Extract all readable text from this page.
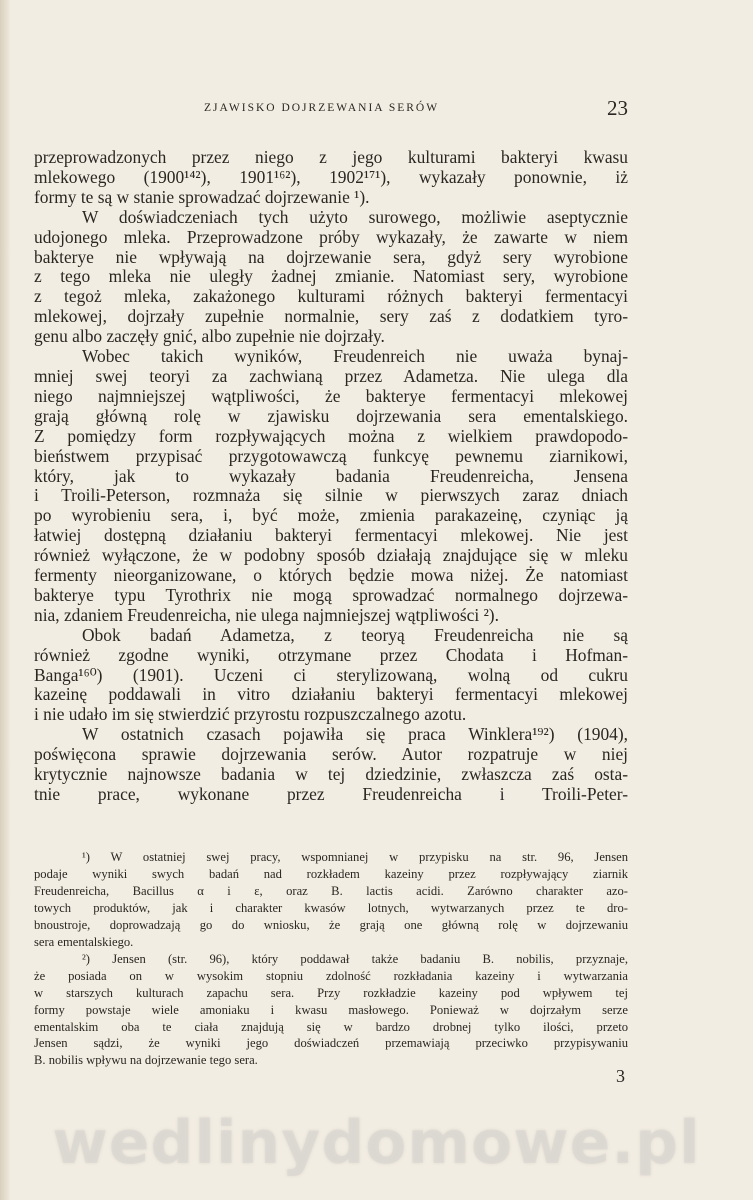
ZJAWISKO DOJRZEWANIA SERÓW	23
przeprowadzonych przez niego z jego kulturami bakteryi kwasu
mlekowego (1900¹⁴²), 1901¹⁶²), 1902¹⁷¹), wykazały ponownie, iż
formy te są w stanie sprowadzać dojrzewanie ¹).
W doświadczeniach tych użyto surowego, możliwie aseptycznie
udojonego mleka. Przeprowadzone próby wykazały, że zawarte w niem
bakterye nie wpływają na dojrzewanie sera, gdyż sery wyrobione
z tego mleka nie uległy żadnej zmianie. Natomiast sery, wyrobione
z tegoż mleka, zakażonego kulturami różnych bakteryi fermentacyi
mlekowej, dojrzały zupełnie normalnie, sery zaś z dodatkiem tyro-
genu albo zaczęły gnić, albo zupełnie nie dojrzały.
Wobec takich wyników, Freudenreich nie uważa bynaj-
mniej swej teoryi za zachwianą przez Adametza. Nie ulega dla
niego najmniejszej wątpliwości, że bakterye fermentacyi mlekowej
grają główną rolę w zjawisku dojrzewania sera ementalskiego.
Z pomiędzy form rozpływających można z wielkiem prawdopodo-
bieństwem przypisać przygotowawczą funkcyę pewnemu ziarnikowi,
który, jak to wykazały badania Freudenreicha, Jensena
i Troili-Peterson, rozmnaża się silnie w pierwszych zaraz dniach
po wyrobieniu sera, i, być może, zmienia parakazeinę, czyniąc ją
łatwiej dostępną działaniu bakteryi fermentacyi mlekowej. Nie jest
również wyłączone, że w podobny sposób działają znajdujące się w mleku
fermenty nieorganizowane, o których będzie mowa niżej. Że natomiast
bakterye typu Tyrothrix nie mogą sprowadzać normalnego dojrzewa-
nia, zdaniem Freudenreicha, nie ulega najmniejszej wątpliwości ²).
Obok badań Adametza, z teoryą Freudenreicha nie są
również zgodne wyniki, otrzymane przez Chodata i Hofman-
Banga¹⁶⁰) (1901). Uczeni ci sterylizowaną, wolną od cukru
kazeinę poddawali in vitro działaniu bakteryi fermentacyi mlekowej
i nie udało im się stwierdzić przyrostu rozpuszczalnego azotu.
W ostatnich czasach pojawiła się praca Winklera¹⁹²) (1904),
poświęcona sprawie dojrzewania serów. Autor rozpatruje w niej
krytycznie najnowsze badania w tej dziedzinie, zwłaszcza zaś osta-
tnie prace, wykonane przez Freudenreicha i Troili-Peter-
¹) W ostatniej swej pracy, wspomnianej w przypisku na str. 96, Jensen
podaje wyniki swych badań nad rozkładem kazeiny przez rozpływający ziarnik
Freudenreicha, Bacillus α i ε, oraz B. lactis acidi. Zarówno charakter azo-
towych produktów, jak i charakter kwasów lotnych, wytwarzanych przez te dro-
bnoustroje, doprowadzają go do wniosku, że grają one główną rolę w dojrzewaniu
sera ementalskiego.
²) Jensen (str. 96), który poddawał także badaniu B. nobilis, przyznaje,
że posiada on w wysokim stopniu zdolność rozkładania kazeiny i wytwarzania
w starszych kulturach zapachu sera. Przy rozkładzie kazeiny pod wpływem tej
formy powstaje wiele amoniaku i kwasu masłowego. Ponieważ w dojrzałym serze
ementalskim oba te ciała znajdują się w bardzo drobnej tylko ilości, przeto
Jensen sądzi, że wyniki jego doświadczeń przemawiają przeciwko przypisywaniu
B. nobilis wpływu na dojrzewanie tego sera.
3
wedlinydomowe.pl
